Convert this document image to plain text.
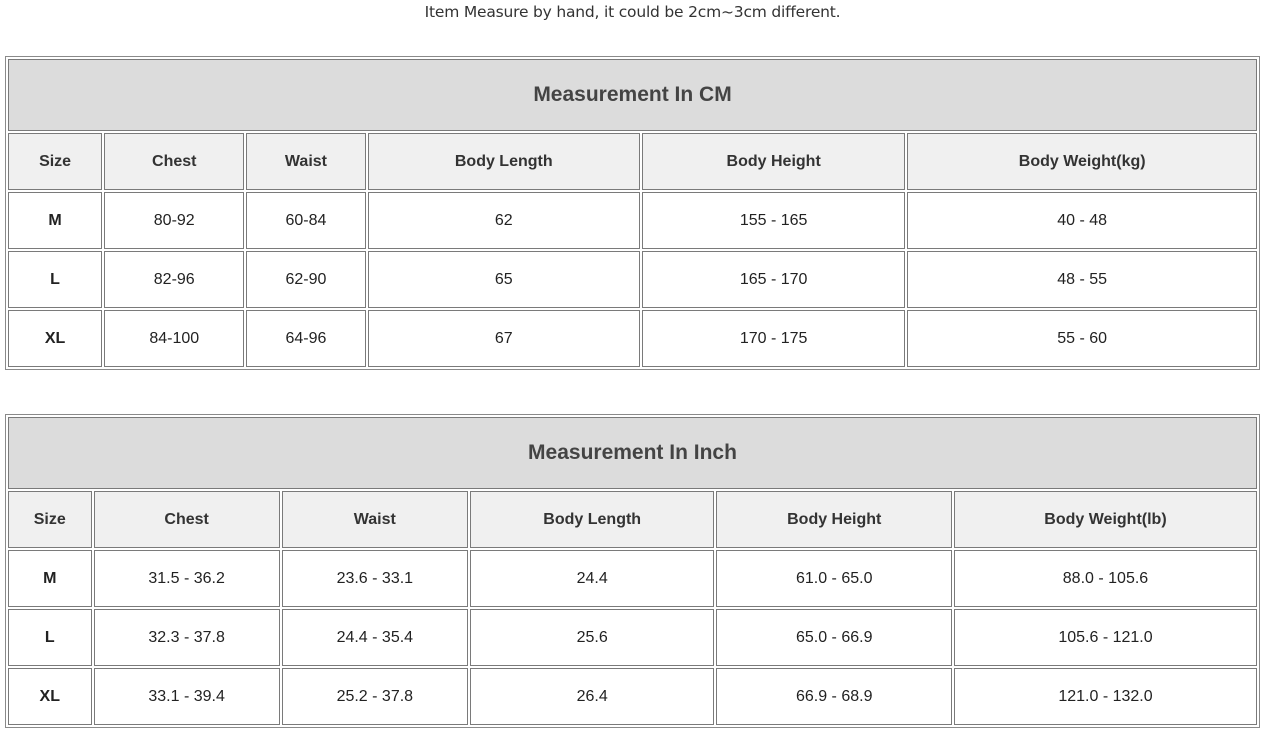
Item Measure by hand, it could be 2cm~3cm different.
Measurement In CM					
Size	Chest	Waist	Body Length	Body Height	Body Weight(kg)
M	80-92	60-84	62	155 - 165	40 - 48
L	82-96	62-90	65	165 - 170	48 - 55
XL	84-100	64-96	67	170 - 175	55 - 60
Measurement In Inch					
Size	Chest	Waist	Body Length	Body Height	Body Weight(lb)
M	31.5 - 36.2	23.6 - 33.1	24.4	61.0 - 65.0	88.0 - 105.6
L	32.3 - 37.8	24.4 - 35.4	25.6	65.0 - 66.9	105.6 - 121.0
XL	33.1 - 39.4	25.2 - 37.8	26.4	66.9 - 68.9	121.0 - 132.0
